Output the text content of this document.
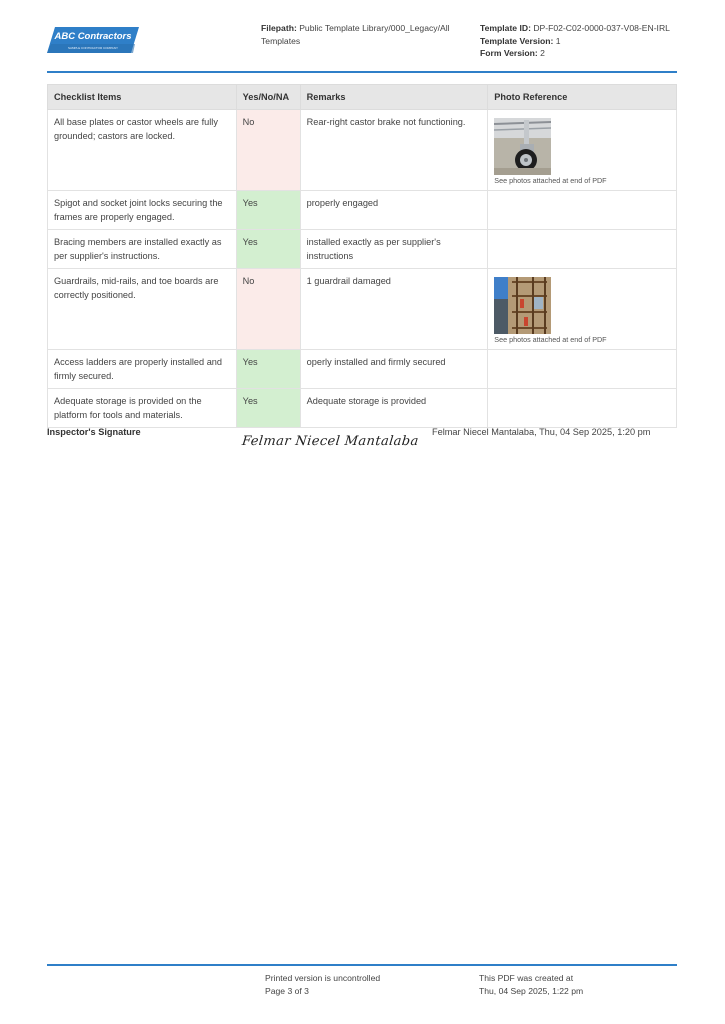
ABC Contractors
SAMPLE CONTRACTOR COMPANY
Filepath: Public Template Library/000_Legacy/All Templates
Template ID: DP-F02-C02-0000-037-V08-EN-IRL
Template Version: 1
Form Version: 2
Checklist Items	Yes/No/NA	Remarks	Photo Reference
All base plates or castor wheels are fully grounded; castors are locked.	No	Rear-right castor brake not functioning.	See photos attached at end of PDF

Spigot and socket joint locks securing the frames are properly engaged.	Yes	properly engaged	
Bracing members are installed exactly as per supplier's instructions.	Yes	installed exactly as per supplier's instructions	
Guardrails, mid-rails, and toe boards are correctly positioned.	No	1 guardrail damaged	See photos attached at end of PDF

Access ladders are properly installed and firmly secured.	Yes	operly installed and firmly secured	
Adequate storage is provided on the platform for tools and materials.	Yes	Adequate storage is provided	
Inspector's Signature
Felmar Niecel Mantalaba
Felmar Niecel Mantalaba, Thu, 04 Sep 2025, 1:20 pm
Printed version is uncontrolled
Page 3 of 3
This PDF was created at
Thu, 04 Sep 2025, 1:22 pm
